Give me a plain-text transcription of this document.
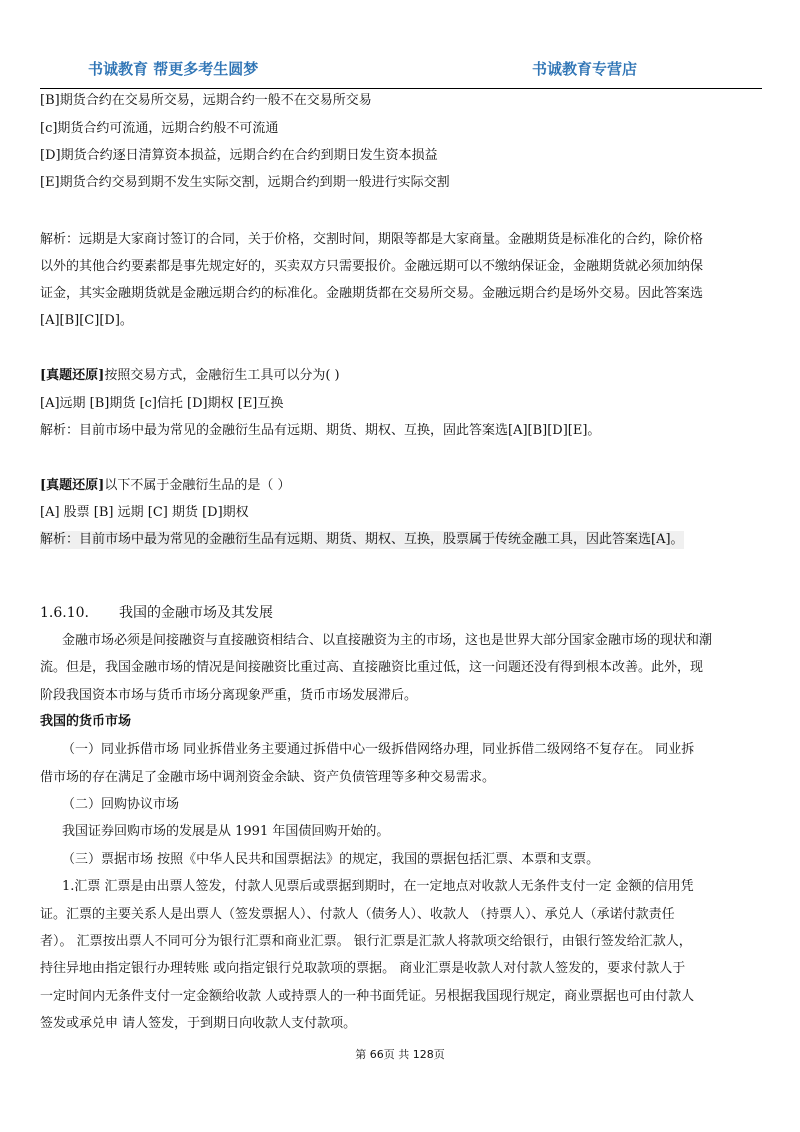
书诚教育 帮更多考生圆梦	书诚教育专营店
[B]期货合约在交易所交易，远期合约一般不在交易所交易
[c]期货合约可流通，远期合约般不可流通
[D]期货合约逐日清算资本损益，远期合约在合约到期日发生资本损益
[E]期货合约交易到期不发生实际交割，远期合约到期一般进行实际交割
解析：远期是大家商讨签订的合同，关于价格，交割时间，期限等都是大家商量。金融期货是标准化的合约，除价格
以外的其他合约要素都是事先规定好的，买卖双方只需要报价。金融远期可以不缴纳保证金，金融期货就必须加纳保
证金，其实金融期货就是金融远期合约的标准化。金融期货都在交易所交易。金融远期合约是场外交易。因此答案选
[A][B][C][D]。
[真题还原]按照交易方式，金融衍生工具可以分为( )
[A]远期 [B]期货 [c]信托 [D]期权 [E]互换
解析：目前市场中最为常见的金融衍生品有远期、期货、期权、互换，固此答案选[A][B][D][E]。
[真题还原]以下不属于金融衍生品的是（ ）
[A] 股票 [B] 远期 [C] 期货 [D]期权
解析：目前市场中最为常见的金融衍生品有远期、期货、期权、互换，股票属于传统金融工具，因此答案选[A]。
1.6.10. 我国的金融市场及其发展
金融市场必须是间接融资与直接融资相结合、以直接融资为主的市场，这也是世界大部分国家金融市场的现状和潮
流。但是，我国金融市场的情况是间接融资比重过高、直接融资比重过低，这一问题还没有得到根本改善。此外，现
阶段我国资本市场与货币市场分离现象严重，货币市场发展滞后。
我国的货币市场
（一）同业拆借市场 同业拆借业务主要通过拆借中心一级拆借网络办理，同业拆借二级网络不复存在。 同业拆
借市场的存在满足了金融市场中调剂资金余缺、资产负债管理等多种交易需求。
（二）回购协议市场
我国证券回购市场的发展是从 1991 年国债回购开始的。
（三）票据市场 按照《中华人民共和国票据法》的规定，我国的票据包括汇票、本票和支票。
1.汇票 汇票是由出票人签发，付款人见票后或票据到期时，在一定地点对收款人无条件支付一定 金额的信用凭
证。汇票的主要关系人是出票人（签发票据人）、付款人（债务人）、收款人 （持票人）、承兑人（承诺付款责任
者）。 汇票按出票人不同可分为银行汇票和商业汇票。 银行汇票是汇款人将款项交给银行，由银行签发给汇款人，
持往异地由指定银行办理转账 或向指定银行兑取款项的票据。 商业汇票是收款人对付款人签发的，要求付款人于
一定时间内无条件支付一定金额给收款 人或持票人的一种书面凭证。另根据我国现行规定，商业票据也可由付款人
签发或承兑申 请人签发，于到期日向收款人支付款项。
第 66页 共 128页
